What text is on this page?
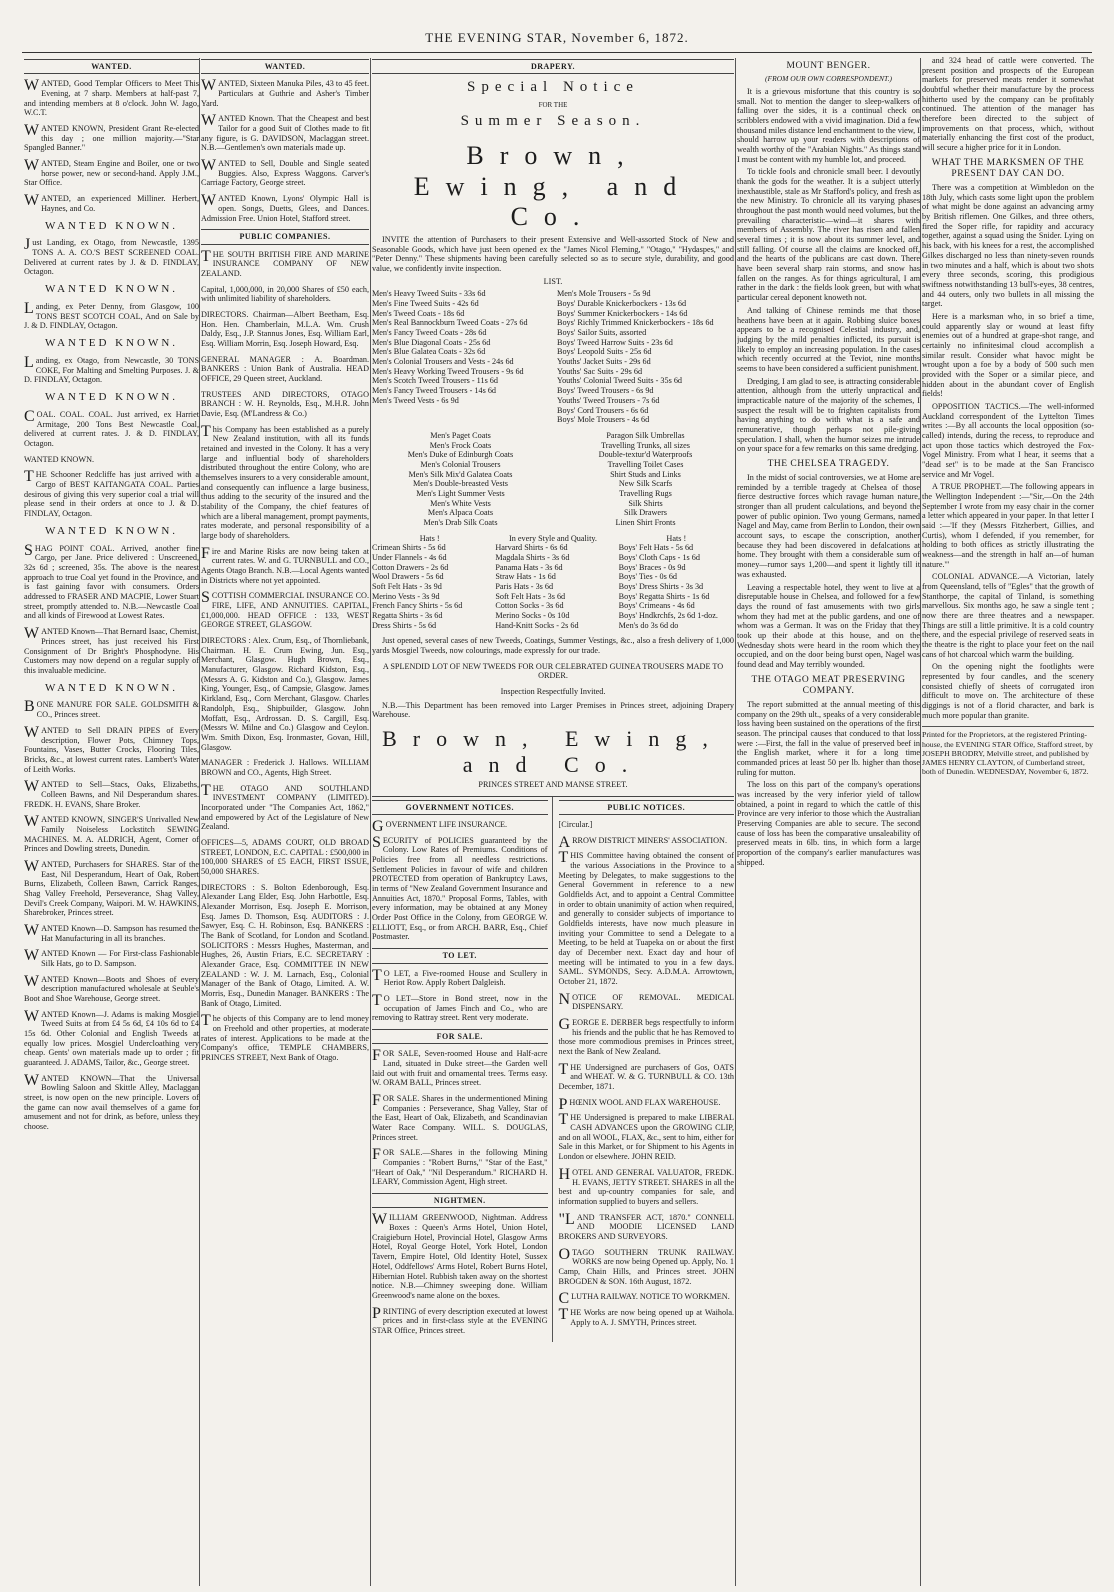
THE EVENING STAR, November 6, 1872.
WANTED.
WANTED, Good Templar Officers to Meet This Evening, at 7 sharp. Members at half-past 7, and intending members at 8 o'clock. John W. Jago, W.C.T.
WANTED KNOWN, President Grant Re-elected this day ; one million majority.—"Star Spangled Banner."
WANTED, Steam Engine and Boiler, one or two horse power, new or second-hand. Apply J.M., Star Office.
WANTED, an experienced Milliner. Herbert, Haynes, and Co.
WANTED KNOWN.
Just Landing, ex Otago, from Newcastle, 1395 TONS A. A. CO.'S BEST SCREENED COAL. Delivered at current rates by J. & D. FINDLAY, Octagon.
WANTED KNOWN.
Landing, ex Peter Denny, from Glasgow, 100 TONS BEST SCOTCH COAL, And on Sale by J. & D. FINDLAY, Octagon.
WANTED KNOWN.
Landing, ex Otago, from Newcastle, 30 TONS COKE, For Malting and Smelting Purposes. J. & D. FINDLAY, Octagon.
WANTED KNOWN.
COAL. COAL. COAL. Just arrived, ex Harriet Armitage, 200 Tons Best Newcastle Coal, delivered at current rates. J. & D. FINDLAY, Octagon.
WANTED KNOWN.
THE Schooner Redcliffe has just arrived with a Cargo of BEST KAITANGATA COAL. Parties desirous of giving this very superior coal a trial will please send in their orders at once to J. & D. FINDLAY, Octagon.
WANTED KNOWN.
SHAG POINT COAL. Arrived, another fine Cargo, per Jane. Price delivered : Unscreened, 32s 6d ; screened, 35s. The above is the nearest approach to true Coal yet found in the Province, and is fast gaining favor with consumers. Orders addressed to FRASER AND MACPIE, Lower Stuart street, promptly attended to. N.B.—Newcastle Coal and all kinds of Firewood at Lowest Rates.
WANTED Known—That Bernard Isaac, Chemist, Princes street, has just received his First Consignment of Dr Bright's Phosphodyne. His Customers may now depend on a regular supply of this invaluable medicine.
WANTED KNOWN.
BONE MANURE FOR SALE. GOLDSMITH & CO., Princes street.
WANTED to Sell DRAIN PIPES of Every description, Flower Pots, Chimney Tops, Fountains, Vases, Butter Crocks, Flooring Tiles, Bricks, &c., at lowest current rates. Lambert's Water of Leith Works.
WANTED to Sell—Stacs, Oaks, Elizabeths, Colleen Bawns, and Nil Desperandum shares. FREDK. H. EVANS, Share Broker.
WANTED KNOWN, SINGER'S Unrivalled New Family Noiseless Lockstitch SEWING MACHINES. M. A. ALDRICH, Agent, Corner of Princes and Dowling streets, Dunedin.
WANTED, Purchasers for SHARES. Star of the East, Nil Desperandum, Heart of Oak, Robert Burns, Elizabeth, Colleen Bawn, Carrick Ranges, Shag Valley Freehold, Perseverance, Shag Valley, Devil's Creek Company, Waipori. M. W. HAWKINS, Sharebroker, Princes street.
WANTED Known—D. Sampson has resumed the Hat Manufacturing in all its branches.
WANTED Known — For First-class Fashionable Silk Hats, go to D. Sampson.
WANTED Known—Boots and Shoes of every description manufactured wholesale at Seuble's Boot and Shoe Warehouse, George street.
WANTED Known—J. Adams is making Mosgiel Tweed Suits at from £4 5s 6d, £4 10s 6d to £4 15s 6d. Other Colonial and English Tweeds at equally low prices. Mosgiel Undercloathing very cheap. Gents' own materials made up to order ; fit guaranteed. J. ADAMS, Tailor, &c., George street.
WANTED KNOWN—That the Universal Bowling Saloon and Skittle Alley, Maclaggan street, is now open on the new principle. Lovers of the game can now avail themselves of a game for amusement and not for drink, as before, unless they choose.
WANTED.
WANTED, Sixteen Manuka Piles, 43 to 45 feet. Particulars at Guthrie and Asher's Timber Yard.
WANTED Known. That the Cheapest and best Tailor for a good Suit of Clothes made to fit any figure, is G. DAVIDSON, Maclaggan street. N.B.—Gentlemen's own materials made up.
WANTED to Sell, Double and Single seated Buggies. Also, Express Waggons. Carver's Carriage Factory, George street.
WANTED Known, Lyons' Olympic Hall is open. Songs, Duetts, Glees, and Dances. Admission Free. Union Hotel, Stafford street.
PUBLIC COMPANIES.
THE SOUTH BRITISH FIRE AND MARINE INSURANCE COMPANY OF NEW ZEALAND.
Capital, 1,000,000, in 20,000 Shares of £50 each, with unlimited liability of shareholders.
DIRECTORS. Chairman—Albert Beetham, Esq. Hon. Hen. Chamberlain, M.L.A. Wm. Crush Daldy, Esq., J.P. Stannus Jones, Esq. William Earl, Esq. William Morrin, Esq. Joseph Howard, Esq.
GENERAL MANAGER : A. Boardman. BANKERS : Union Bank of Australia. HEAD OFFICE, 29 Queen street, Auckland.
TRUSTEES AND DIRECTORS, OTAGO BRANCH : W. H. Reynolds, Esq., M.H.R. John Davie, Esq. (M'Landress & Co.)
This Company has been established as a purely New Zealand institution, with all its funds retained and invested in the Colony. It has a very large and influential body of shareholders distributed throughout the entire Colony, who are themselves insurers to a very considerable amount, and consequently can influence a large business, thus adding to the security of the insured and the stability of the Company, the chief features of which are a liberal management, prompt payments, rates moderate, and personal responsibility of a large body of shareholders.
Fire and Marine Risks are now being taken at current rates. W. and G. TURNBULL and CO., Agents Otago Branch. N.B.—Local Agents wanted in Districts where not yet appointed.
SCOTTISH COMMERCIAL INSURANCE CO. FIRE, LIFE, AND ANNUITIES. CAPITAL, £1,000,000. HEAD OFFICE : 133, WEST GEORGE STREET, GLASGOW.
DIRECTORS : Alex. Crum, Esq., of Thornliebank, Chairman. H. E. Crum Ewing, Jun. Esq., Merchant, Glasgow. Hugh Brown, Esq., Manufacturer, Glasgow. Richard Kidston, Esq., (Messrs A. G. Kidston and Co.), Glasgow. James King, Younger, Esq., of Campsie, Glasgow. James Kirkland, Esq., Corn Merchant, Glasgow. Charles Randolph, Esq., Shipbuilder, Glasgow. John Moffatt, Esq., Ardrossan. D. S. Cargill, Esq. (Messrs W. Milne and Co.) Glasgow and Ceylon. Wm. Smith Dixon, Esq. Ironmaster, Govan, Hill, Glasgow.
MANAGER : Frederick J. Hallows. WILLIAM BROWN and CO., Agents, High Street.
THE OTAGO AND SOUTHLAND INVESTMENT COMPANY (LIMITED). Incorporated under "The Companies Act, 1862," and empowered by Act of the Legislature of New Zealand.
OFFICES—5, ADAMS COURT, OLD BROAD STREET, LONDON, E.C. CAPITAL : £500,000 in 100,000 SHARES of £5 EACH, FIRST ISSUE, 50,000 SHARES.
DIRECTORS : S. Bolton Edenborough, Esq. Alexander Lang Elder, Esq. John Harbottle, Esq. Alexander Morrison, Esq. Joseph E. Morrison, Esq. James D. Thomson, Esq. AUDITORS : J. Sawyer, Esq. C. H. Robinson, Esq. BANKERS : The Bank of Scotland, for London and Scotland. SOLICITORS : Messrs Hughes, Masterman, and Hughes, 26, Austin Friars, E.C. SECRETARY : Alexander Grace, Esq. COMMITTEE IN NEW ZEALAND : W. J. M. Larnach, Esq., Colonial Manager of the Bank of Otago, Limited. A. W. Morris, Esq., Dunedin Manager. BANKERS : The Bank of Otago, Limited.
The objects of this Company are to lend money on Freehold and other properties, at moderate rates of interest. Applications to be made at the Company's office, TEMPLE CHAMBERS, PRINCES STREET, Next Bank of Otago.
DRAPERY.
Special Notice
FOR THE
Summer Season.
Brown, Ewing, and Co.

INVITE the attention of Purchasers to their present Extensive and Well-assorted Stock of New and Seasonable Goods, which have just been opened ex the "James Nicol Fleming," "Otago," "Hydaspes," and "Peter Denny." These shipments having been carefully selected so as to secure style, durability, and good value, we confidently invite inspection.

LIST.
Men's Heavy Tweed Suits - 33s 6d
Men's Fine Tweed Suits - 42s 6d
Men's Tweed Coats - 18s 6d
Men's Real Bannockburn Tweed Coats - 27s 6d
Men's Fancy Tweed Coats - 28s 6d
Men's Blue Diagonal Coats - 25s 6d
Men's Blue Galatea Coats - 32s 6d
Men's Colonial Trousers and Vests - 24s 6d
Men's Heavy Working Tweed Trousers - 9s 6d
Men's Scotch Tweed Trousers - 11s 6d
Men's Fancy Tweed Trousers - 14s 6d
Men's Tweed Vests - 6s 9d
Men's Mole Trousers - 5s 9d
Boys' Durable Knickerbockers - 13s 6d
Boys' Summer Knickerbockers - 14s 6d
Boys' Richly Trimmed Knickerbockers - 18s 6d
Boys' Sailor Suits, assorted
Boys' Tweed Harrow Suits - 23s 6d
Boys' Leopold Suits - 25s 6d
Youths' Jacket Suits - 29s 6d
Youths' Sac Suits - 29s 6d
Youths' Colonial Tweed Suits - 35s 6d
Boys' Tweed Trousers - 6s 9d
Youths' Tweed Trousers - 7s 6d
Boys' Cord Trousers - 6s 6d
Boys' Mole Trousers - 4s 6d
Men's Paget Coats
Men's Frock Coats
Men's Duke of Edinburgh Coats
Men's Colonial Trousers
Men's Silk Mix'd Galatea Coats
Men's Double-breasted Vests
Men's Light Summer Vests
Men's White Vests
Men's Alpaca Coats
Men's Drab Silk Coats
Paragon Silk Umbrellas
Travelling Trunks, all sizes
Double-textur'd Waterproofs
Travelling Toilet Cases
Shirt Studs and Links
New Silk Scarfs
Travelling Rugs
Silk Shirts
Silk Drawers
Linen Shirt Fronts
Hats !	In every Style and Quality.	Hats !
Crimean Shirts - 5s 6d
Under Flannels - 4s 6d
Cotton Drawers - 2s 6d
Wool Drawers - 5s 6d
Soft Felt Hats - 3s 9d
Merino Vests - 3s 9d
French Fancy Shirts - 5s 6d
Regatta Shirts - 3s 6d
Dress Shirts - 5s 6d
Harvard Shirts - 6s 6d
Magdala Shirts - 3s 6d
Panama Hats - 3s 6d
Straw Hats - 1s 6d
Paris Hats - 3s 6d
Soft Felt Hats - 3s 6d
Cotton Socks - 3s 6d
Merino Socks - 0s 10d
Hand-Knitt Socks - 2s 6d
Boys' Felt Hats - 5s 6d
Boys' Cloth Caps - 1s 6d
Boys' Braces - 0s 9d
Boys' Ties - 0s 6d
Boys' Dress Shirts - 3s 3d
Boys' Regatta Shirts - 1s 6d
Boys' Crimeans - 4s 6d
Boys' Hndkrchfs, 2s 6d 1-doz.
Men's do 3s 6d do

Just opened, several cases of new Tweeds, Coatings, Summer Vestings, &c., also a fresh delivery of 1,000 yards Mosgiel Tweeds, now colourings, made expressly for our trade.

A SPLENDID LOT OF NEW TWEEDS FOR OUR CELEBRATED GUINEA TROUSERS MADE TO ORDER.
Inspection Respectfully Invited.

N.B.—This Department has been removed into Larger Premises in Princes street, adjoining Drapery Warehouse.

Brown, Ewing, and Co.
PRINCES STREET AND MANSE STREET.
GOVERNMENT NOTICES.
GOVERNMENT LIFE INSURANCE.
SECURITY of POLICIES guaranteed by the Colony. Low Rates of Premiums. Conditions of Policies free from all needless restrictions. Settlement Policies in favour of wife and children PROTECTED from operation of Bankruptcy Laws, in terms of "New Zealand Government Insurance and Annuities Act, 1870." Proposal Forms, Tables, with every information, may be obtained at any Money Order Post Office in the Colony, from GEORGE W. ELLIOTT, Esq., or from ARCH. BARR, Esq., Chief Postmaster.
TO LET.
TO LET, a Five-roomed House and Scullery in Heriot Row. Apply Robert Dalgleish.
TO LET—Store in Bond street, now in the occupation of James Finch and Co., who are removing to Rattray street. Rent very moderate.
FOR SALE.
FOR SALE, Seven-roomed House and Half-acre Land, situated in Duke street—the Garden well laid out with fruit and ornamental trees. Terms easy. W. ORAM BALL, Princes street.
FOR SALE. Shares in the undermentioned Mining Companies : Perseverance, Shag Valley, Star of the East, Heart of Oak, Elizabeth, and Scandinavian Water Race Company. WILL. S. DOUGLAS, Princes street.
FOR SALE.—Shares in the following Mining Companies : "Robert Burns," "Star of the East," "Heart of Oak," "Nil Desperandum." RICHARD H. LEARY, Commission Agent, High street.
NIGHTMEN.
WILLIAM GREENWOOD, Nightman. Address Boxes : Queen's Arms Hotel, Union Hotel, Craigieburn Hotel, Provincial Hotel, Glasgow Arms Hotel, Royal George Hotel, York Hotel, London Tavern, Empire Hotel, Old Identity Hotel, Sussex Hotel, Oddfellows' Arms Hotel, Robert Burns Hotel, Hibernian Hotel. Rubbish taken away on the shortest notice. N.B.—Chimney sweeping done. William Greenwood's name alone on the boxes.
PRINTING of every description executed at lowest prices and in first-class style at the EVENING STAR Office, Princes street.
PUBLIC NOTICES.
[Circular.]
ARROW DISTRICT MINERS' ASSOCIATION.
THIS Committee having obtained the consent of the various Associations in the Province to a Meeting by Delegates, to make suggestions to the General Government in reference to a new Goldfields Act, and to appoint a Central Committee in order to obtain unanimity of action when required, and generally to consider subjects of importance to Goldfields interests, have now much pleasure in inviting your Committee to send a Delegate to a Meeting, to be held at Tuapeka on or about the first day of December next. Exact day and hour of meeting will be intimated to you in a few days. SAML. SYMONDS, Secy. A.D.M.A. Arrowtown, October 21, 1872.
NOTICE OF REMOVAL. MEDICAL DISPENSARY.
GEORGE E. DERBER begs respectfully to inform his friends and the public that he has Removed to those more commodious premises in Princes street, next the Bank of New Zealand.
THE Undersigned are purchasers of Gos, OATS and WHEAT. W. & G. TURNBULL & CO. 13th December, 1871.
PHŒNIX WOOL AND FLAX WAREHOUSE.
THE Undersigned is prepared to make LIBERAL CASH ADVANCES upon the GROWING CLIP, and on all WOOL, FLAX, &c., sent to him, either for Sale in this Market, or for Shipment to his Agents in London or elsewhere. JOHN REID.
HOTEL AND GENERAL VALUATOR, FREDK. H. EVANS, JETTY STREET. SHARES in all the best and up-country companies for sale, and information supplied to buyers and sellers.
"LAND TRANSFER ACT, 1870." CONNELL AND MOODIE LICENSED LAND BROKERS AND SURVEYORS.
OTAGO SOUTHERN TRUNK RAILWAY. WORKS are now being Opened up. Apply, No. 1 Camp, Chain Hills, and Princes street. JOHN BROGDEN & SON. 16th August, 1872.
CLUTHA RAILWAY. NOTICE TO WORKMEN.
THE Works are now being opened up at Waihola. Apply to A. J. SMYTH, Princes street.
MOUNT BENGER.
(FROM OUR OWN CORRESPONDENT.)

It is a grievous misfortune that this country is so small. Not to mention the danger to sleep-walkers of falling over the sides, it is a continual check on scribblers endowed with a vivid imagination. Did a few thousand miles distance lend enchantment to the view, I should harrow up your readers with descriptions of wealth worthy of the "Arabian Nights." As things stand I must be content with my humble lot, and proceed.

To tickle fools and chronicle small beer. I devoutly thank the gods for the weather. It is a subject utterly inexhaustible, stale as Mr Stafford's policy, and fresh as the new Ministry. To chronicle all its varying phases throughout the past month would need volumes, but the prevailing characteristic—wind—it shares with members of Assembly. The river has risen and fallen several times ; it is now about its summer level, and still falling. Of course all the claims are knocked off, and the hearts of the publicans are cast down. There have been several sharp rain storms, and snow has fallen on the ranges. As for things agricultural, I am rather in the dark : the fields look green, but with what particular cereal deponent knoweth not.

And talking of Chinese reminds me that those heathens have been at it again. Robbing sluice boxes appears to be a recognised Celestial industry, and, judging by the mild penalties inflicted, its pursuit is likely to employ an increasing population. In the cases which recently occurred at the Teviot, nine months seems to have been considered a sufficient punishment.

Dredging, I am glad to see, is attracting considerable attention, although from the utterly unpractical and impracticable nature of the majority of the schemes, I suspect the result will be to frighten capitalists from having anything to do with what is a safe and remunerative, though perhaps not pile-giving speculation. I shall, when the humor seizes me intrude on your space for a few remarks on this same dredging.

THE CHELSEA TRAGEDY.

In the midst of social controversies, we at Home are reminded by a terrible tragedy at Chelsea of those fierce destructive forces which ravage human nature, stronger than all prudent calculations, and beyond the power of public opinion. Two young Germans, named Nagel and May, came from Berlin to London, their own account says, to escape the conscription, another because they had been discovered in defalcations at home. They brought with them a considerable sum of money—rumor says 1,200—and spent it lightly till it was exhausted.

Leaving a respectable hotel, they went to live at a disreputable house in Chelsea, and followed for a few days the round of fast amusements with two girls whom they had met at the public gardens, and one of whom was a German. It was on the Friday that they took up their abode at this house, and on the Wednesday shots were heard in the room which they occupied, and on the door being burst open, Nagel was found dead and May terribly wounded.

THE OTAGO MEAT PRESERVING COMPANY.

The report submitted at the annual meeting of this company on the 29th ult., speaks of a very considerable loss having been sustained on the operations of the first season. The principal causes that conduced to that loss were :—First, the fall in the value of preserved beef in the English market, where it for a long time commanded prices at least 50 per lb. higher than those ruling for mutton.

The loss on this part of the company's operations was increased by the very inferior yield of tallow obtained, a point in regard to which the cattle of this Province are very inferior to those which the Australian Preserving Companies are able to secure. The second cause of loss has been the comparative unsaleability of preserved meats in 6lb. tins, in which form a large proportion of the company's earlier manufactures was shipped.

and 324 head of cattle were converted. The present position and prospects of the European markets for preserved meats render it somewhat doubtful whether their manufacture by the process hitherto used by the company can be profitably continued. The attention of the manager has therefore been directed to the subject of improvements on that process, which, without materially enhancing the first cost of the product, will secure a higher price for it in London.

WHAT THE MARKSMEN OF THE PRESENT DAY CAN DO.

There was a competition at Wimbledon on the 18th July, which casts some light upon the problem of what might be done against an advancing army by British riflemen. One Gilkes, and three others, fired the Soper rifle, for rapidity and accuracy together, against a squad using the Snider. Lying on his back, with his knees for a rest, the accomplished Gilkes discharged no less than ninety-seven rounds in two minutes and a half, which is about two shots every three seconds, scoring, this prodigious swiftness notwithstanding 13 bull's-eyes, 38 centres, and 44 outers, only two bullets in all missing the target.

Here is a marksman who, in so brief a time, could apparently slay or wound at least fifty enemies out of a hundred at grape-shot range, and certainly no infinitesimal cloud accomplish a similar result. Consider what havoc might be wrought upon a foe by a body of 500 such men provided with the Soper or a similar piece, and hidden about in the abundant cover of English fields!

OPPOSITION TACTICS.—The well-informed Auckland correspondent of the Lyttelton Times writes :—By all accounts the local opposition (so-called) intends, during the recess, to reproduce and act upon those tactics which destroyed the Fox-Vogel Ministry. From what I hear, it seems that a "dead set" is to be made at the San Francisco service and Mr Vogel.

A TRUE PROPHET.—The following appears in the Wellington Independent :—"Sir,—On the 24th September I wrote from my easy chair in the corner a letter which appeared in your paper. In that letter I said :—'If they (Messrs Fitzherbert, Gillies, and Curtis), whom I defended, if you remember, for holding to both offices as strictly illustrating the weakness—and the strength in half an—of human nature.'"

COLONIAL ADVANCE.—A Victorian, lately from Queensland, tells of "Egles" that the growth of Stanthorpe, the capital of Tinland, is something marvellous. Six months ago, he saw a single tent ; now there are three theatres and a newspaper. Things are still a little primitive. It is a cold country there, and the especial privilege of reserved seats in the theatre is the right to place your feet on the nail cans of hot charcoal which warm the building.

On the opening night the footlights were represented by four candles, and the scenery consisted chiefly of sheets of corrugated iron difficult to move on. The architecture of these diggings is not of a florid character, and bark is much more popular than granite.

Printed for the Proprietors, at the registered Printing-house, the EVENING STAR Office, Stafford street, by JOSEPH BRODRY, Melville street, and published by JAMES HENRY CLAYTON, of Cumberland street, both of Dunedin. WEDNESDAY, November 6, 1872.
